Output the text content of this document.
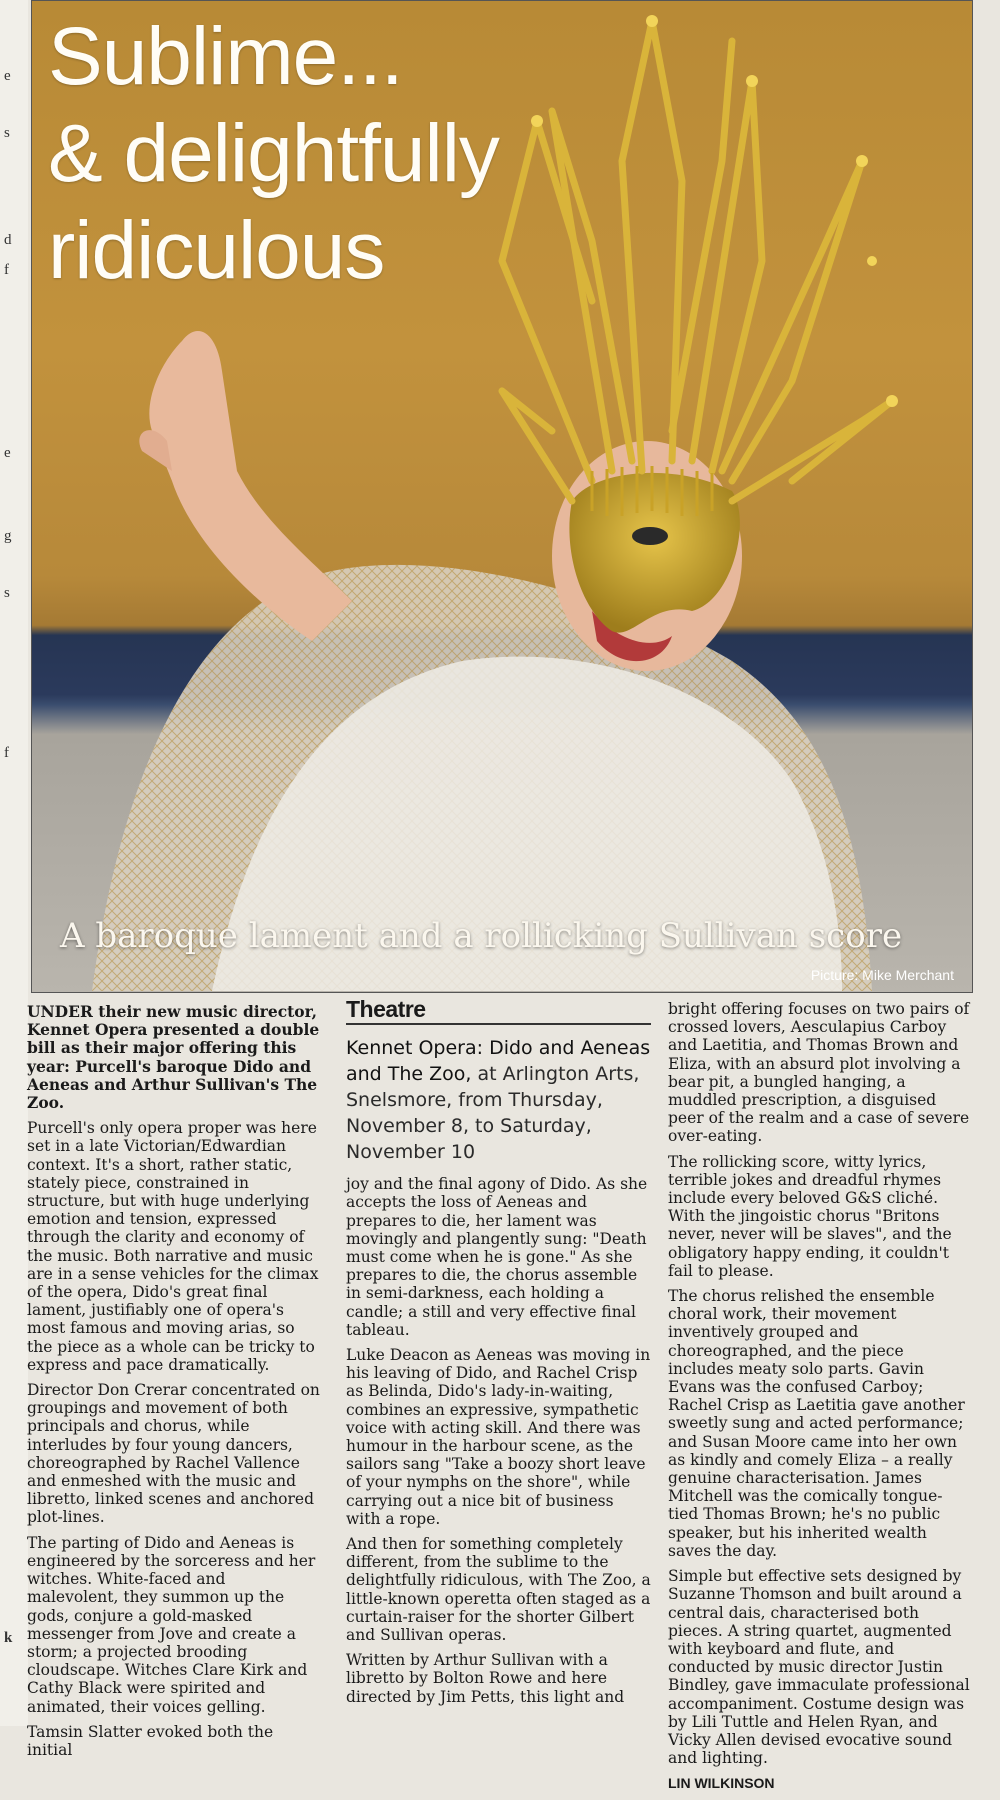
e
s
d
f
e
g
s
f
k
Sublime...
& delightfully
ridiculous

A baroque lament and a rollicking Sullivan score

Picture: Mike Merchant

UNDER their new music director, Kennet Opera presented a double bill as their major offering this year: Purcell's baroque Dido and Aeneas and Arthur Sullivan's The Zoo.

Purcell's only opera proper was here set in a late Victorian/Edwardian context. It's a short, rather static, stately piece, constrained in structure, but with huge underlying emotion and tension, expressed through the clarity and economy of the music. Both narrative and music are in a sense vehicles for the climax of the opera, Dido's great final lament, justifiably one of opera's most famous and moving arias, so the piece as a whole can be tricky to express and pace dramatically.

Director Don Crerar concentrated on groupings and movement of both principals and chorus, while interludes by four young dancers, choreographed by Rachel Vallence and enmeshed with the music and libretto, linked scenes and anchored plot-lines.

The parting of Dido and Aeneas is engineered by the sorceress and her witches. White-faced and malevolent, they summon up the gods, conjure a gold-masked messenger from Jove and create a storm; a projected brooding cloudscape. Witches Clare Kirk and Cathy Black were spirited and animated, their voices gelling.

Tamsin Slatter evoked both the initial

Theatre
Kennet Opera: Dido and Aeneas and The Zoo, at Arlington Arts, Snelsmore, from Thursday, November 8, to Saturday, November 10

joy and the final agony of Dido. As she accepts the loss of Aeneas and prepares to die, her lament was movingly and plangently sung: "Death must come when he is gone." As she prepares to die, the chorus assemble in semi-darkness, each holding a candle; a still and very effective final tableau.

Luke Deacon as Aeneas was moving in his leaving of Dido, and Rachel Crisp as Belinda, Dido's lady-in-waiting, combines an expressive, sympathetic voice with acting skill. And there was humour in the harbour scene, as the sailors sang "Take a boozy short leave of your nymphs on the shore", while carrying out a nice bit of business with a rope.

And then for something completely different, from the sublime to the delightfully ridiculous, with The Zoo, a little-known operetta often staged as a curtain-raiser for the shorter Gilbert and Sullivan operas.

Written by Arthur Sullivan with a libretto by Bolton Rowe and here directed by Jim Petts, this light and

bright offering focuses on two pairs of crossed lovers, Aesculapius Carboy and Laetitia, and Thomas Brown and Eliza, with an absurd plot involving a bear pit, a bungled hanging, a muddled prescription, a disguised peer of the realm and a case of severe over-eating.

The rollicking score, witty lyrics, terrible jokes and dreadful rhymes include every beloved G&S cliché. With the jingoistic chorus "Britons never, never will be slaves", and the obligatory happy ending, it couldn't fail to please.

The chorus relished the ensemble choral work, their movement inventively grouped and choreographed, and the piece includes meaty solo parts. Gavin Evans was the confused Carboy; Rachel Crisp as Laetitia gave another sweetly sung and acted performance; and Susan Moore came into her own as kindly and comely Eliza – a really genuine characterisation. James Mitchell was the comically tongue-tied Thomas Brown; he's no public speaker, but his inherited wealth saves the day.

Simple but effective sets designed by Suzanne Thomson and built around a central dais, characterised both pieces. A string quartet, augmented with keyboard and flute, and conducted by music director Justin Bindley, gave immaculate professional accompaniment. Costume design was by Lili Tuttle and Helen Ryan, and Vicky Allen devised evocative sound and lighting.

LIN WILKINSON
